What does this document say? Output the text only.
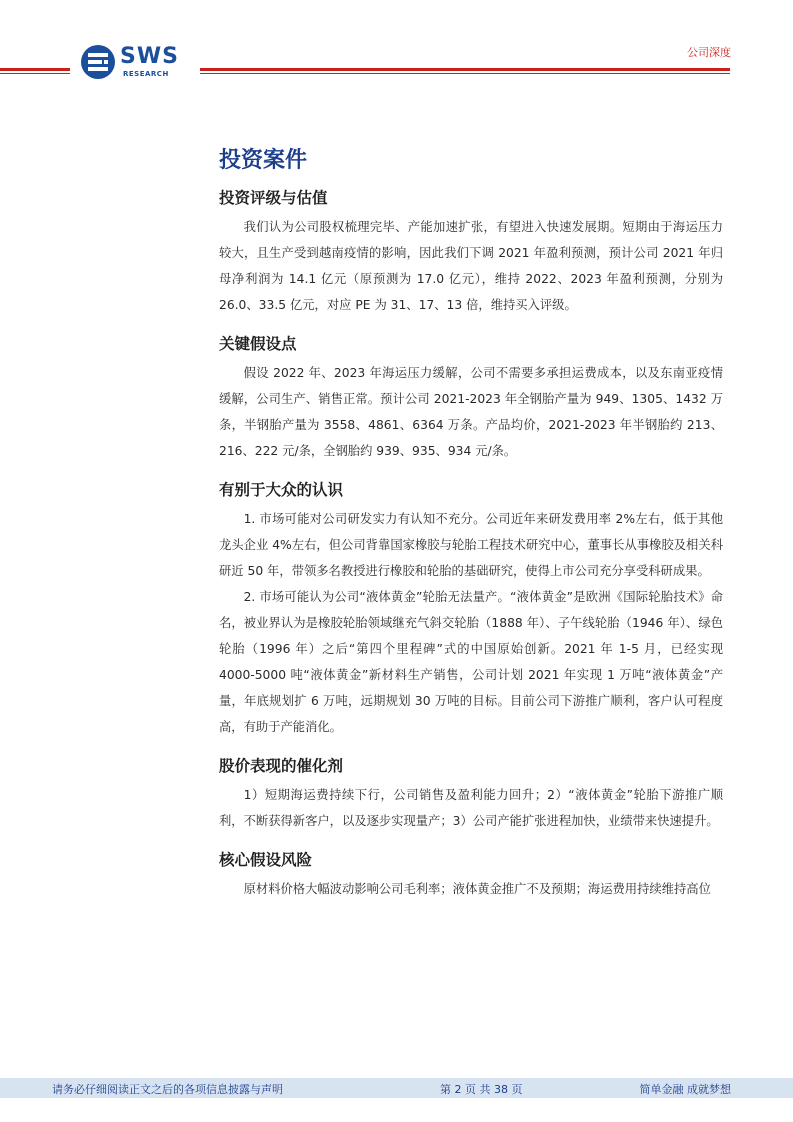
SWS
RESEARCH
公司深度
投资案件
投资评级与估值

我们认为公司股权梳理完毕、产能加速扩张，有望进入快速发展期。短期由于海运压力较大，且生产受到越南疫情的影响，因此我们下调 2021 年盈利预测，预计公司 2021 年归母净利润为 14.1 亿元（原预测为 17.0 亿元），维持 2022、2023 年盈利预测，分别为 26.0、33.5 亿元，对应 PE 为 31、17、13 倍，维持买入评级。

关键假设点

假设 2022 年、2023 年海运压力缓解，公司不需要多承担运费成本，以及东南亚疫情缓解，公司生产、销售正常。预计公司 2021-2023 年全钢胎产量为 949、1305、1432 万条，半钢胎产量为 3558、4861、6364 万条。产品均价，2021-2023 年半钢胎约 213、216、222 元/条，全钢胎约 939、935、934 元/条。

有别于大众的认识

1. 市场可能对公司研发实力有认知不充分。公司近年来研发费用率 2%左右，低于其他龙头企业 4%左右，但公司背靠国家橡胶与轮胎工程技术研究中心，董事长从事橡胶及相关科研近 50 年，带领多名教授进行橡胶和轮胎的基础研究，使得上市公司充分享受科研成果。

2. 市场可能认为公司“液体黄金”轮胎无法量产。“液体黄金”是欧洲《国际轮胎技术》命名，被业界认为是橡胶轮胎领域继充气斜交轮胎（1888 年）、子午线轮胎（1946 年）、绿色轮胎（1996 年）之后“第四个里程碑”式的中国原始创新。2021 年 1-5 月，已经实现 4000-5000 吨“液体黄金”新材料生产销售，公司计划 2021 年实现 1 万吨“液体黄金”产量，年底规划扩 6 万吨，远期规划 30 万吨的目标。目前公司下游推广顺利，客户认可程度高，有助于产能消化。

股价表现的催化剂

1）短期海运费持续下行，公司销售及盈利能力回升；2）“液体黄金”轮胎下游推广顺利，不断获得新客户，以及逐步实现量产；3）公司产能扩张进程加快，业绩带来快速提升。

核心假设风险

原材料价格大幅波动影响公司毛利率；液体黄金推广不及预期；海运费用持续维持高位

请务必仔细阅读正文之后的各项信息披露与声明	第 2 页 共 38 页	简单金融 成就梦想
